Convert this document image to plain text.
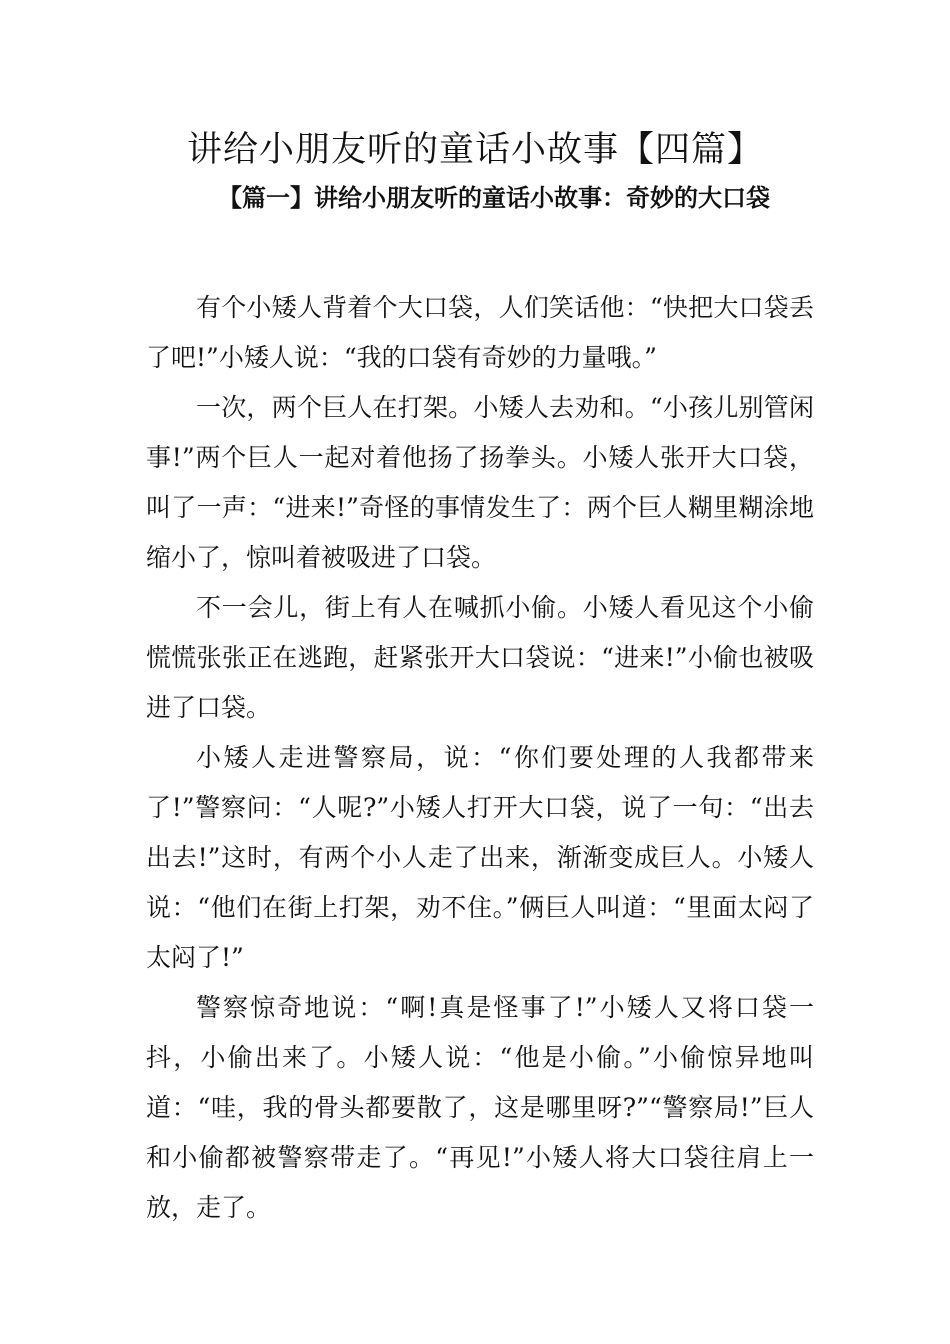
讲给小朋友听的童话小故事【四篇】
【篇一】讲给小朋友听的童话小故事：奇妙的大口袋

有个小矮人背着个大口袋，人们笑话他：“快把大口袋丢了吧!”小矮人说：“我的口袋有奇妙的力量哦。”

一次，两个巨人在打架。小矮人去劝和。“小孩儿别管闲事!”两个巨人一起对着他扬了扬拳头。小矮人张开大口袋，叫了一声：“进来!”奇怪的事情发生了：两个巨人糊里糊涂地缩小了，惊叫着被吸进了口袋。

不一会儿，街上有人在喊抓小偷。小矮人看见这个小偷慌慌张张正在逃跑，赶紧张开大口袋说：“进来!”小偷也被吸进了口袋。

小矮人走进警察局，说：“你们要处理的人我都带来了!”警察问：“人呢?”小矮人打开大口袋，说了一句：“出去出去!”这时，有两个小人走了出来，渐渐变成巨人。小矮人说：“他们在街上打架，劝不住。”俩巨人叫道：“里面太闷了太闷了!”

警察惊奇地说：“啊!真是怪事了!”小矮人又将口袋一抖，小偷出来了。小矮人说：“他是小偷。”小偷惊异地叫道：“哇，我的骨头都要散了，这是哪里呀?”“警察局!”巨人和小偷都被警察带走了。“再见!”小矮人将大口袋往肩上一放，走了。
